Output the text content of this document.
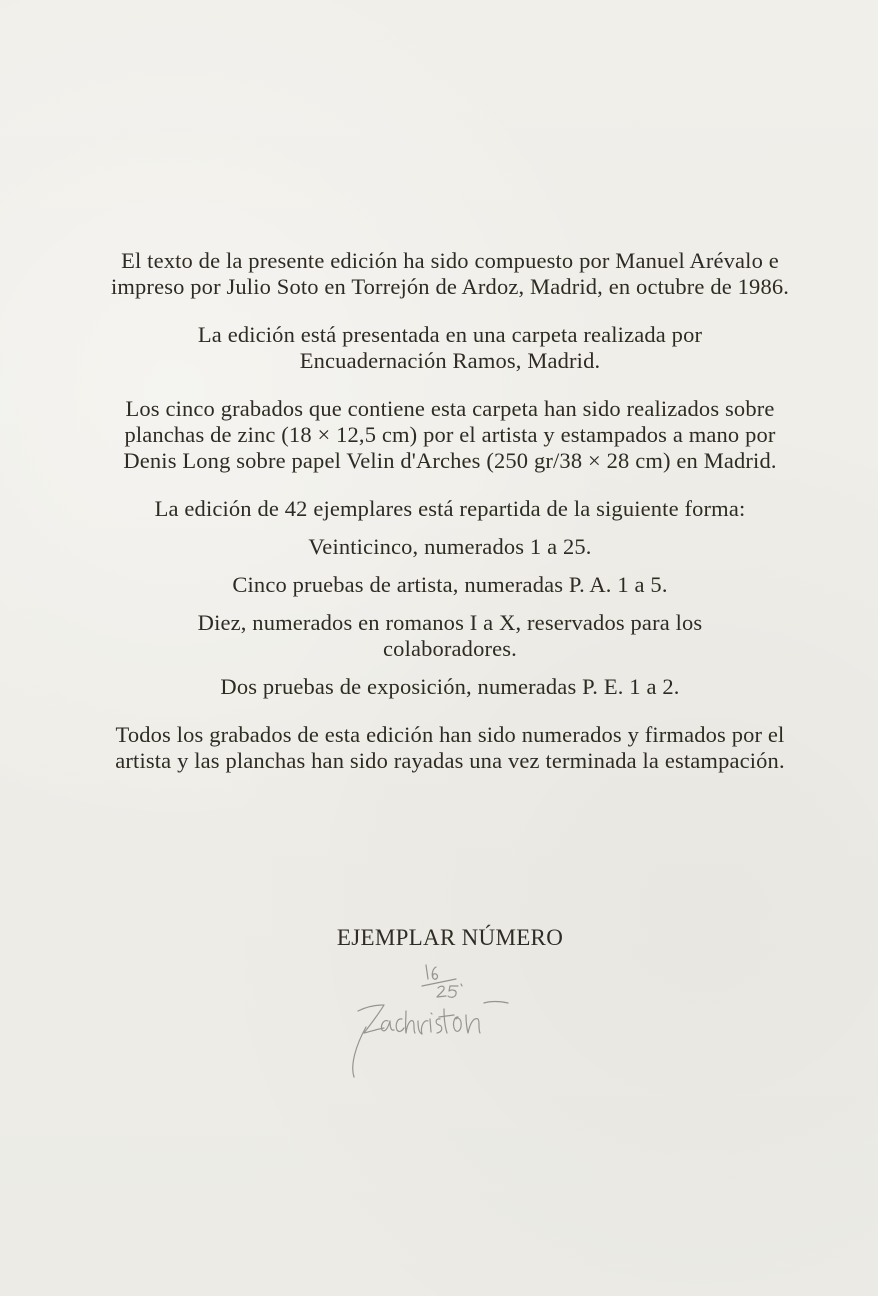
El texto de la presente edición ha sido compuesto por Manuel Arévalo e impreso por Julio Soto en Torrejón de Ardoz, Madrid, en octubre de 1986.

La edición está presentada en una carpeta realizada por Encuadernación Ramos, Madrid.

Los cinco grabados que contiene esta carpeta han sido realizados sobre planchas de zinc (18 × 12,5 cm) por el artista y estampados a mano por Denis Long sobre papel Velin d'Arches (250 gr/38 × 28 cm) en Madrid.

La edición de 42 ejemplares está repartida de la siguiente forma:

Veinticinco, numerados 1 a 25.

Cinco pruebas de artista, numeradas P. A. 1 a 5.

Diez, numerados en romanos I a X, reservados para los colaboradores.

Dos pruebas de exposición, numeradas P. E. 1 a 2.

Todos los grabados de esta edición han sido numerados y firmados por el artista y las planchas han sido rayadas una vez terminada la estampación.

EJEMPLAR NÚMERO
